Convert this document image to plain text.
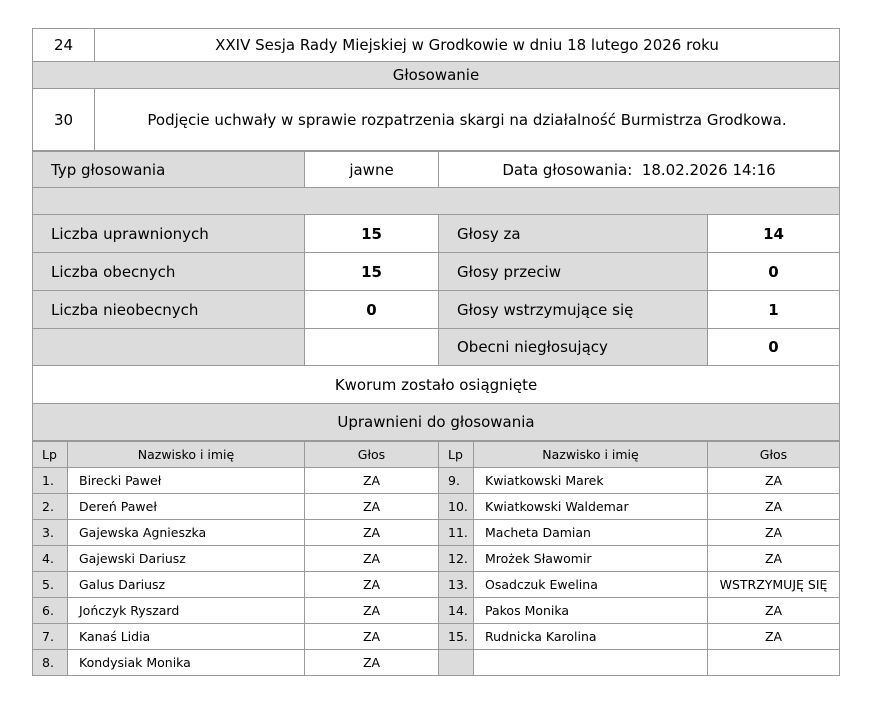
24	XXIV Sesja Rady Miejskiej w Grodkowie w dniu 18 lutego 2026 roku
Głosowanie	
30	Podjęcie uchwały w sprawie rozpatrzenia skargi na działalność Burmistrza Grodkowa.
Typ głosowania	jawne	Data głosowania: 18.02.2026 14:16	

Liczba uprawnionych	15	Głosy za	14
Liczba obecnych	15	Głosy przeciw	0
Liczba nieobecnych	0	Głosy wstrzymujące się	1
		Obecni niegłosujący	0
Kworum zostało osiągnięte			
Uprawnieni do głosowania			
Lp	Nazwisko i imię	Głos	Lp	Nazwisko i imię	Głos
1.	Birecki Paweł	ZA	9.	Kwiatkowski Marek	ZA
2.	Dereń Paweł	ZA	10.	Kwiatkowski Waldemar	ZA
3.	Gajewska Agnieszka	ZA	11.	Macheta Damian	ZA
4.	Gajewski Dariusz	ZA	12.	Mrożek Sławomir	ZA
5.	Galus Dariusz	ZA	13.	Osadczuk Ewelina	WSTRZYMUJĘ SIĘ
6.	Jończyk Ryszard	ZA	14.	Pakos Monika	ZA
7.	Kanaś Lidia	ZA	15.	Rudnicka Karolina	ZA
8.	Kondysiak Monika	ZA			
